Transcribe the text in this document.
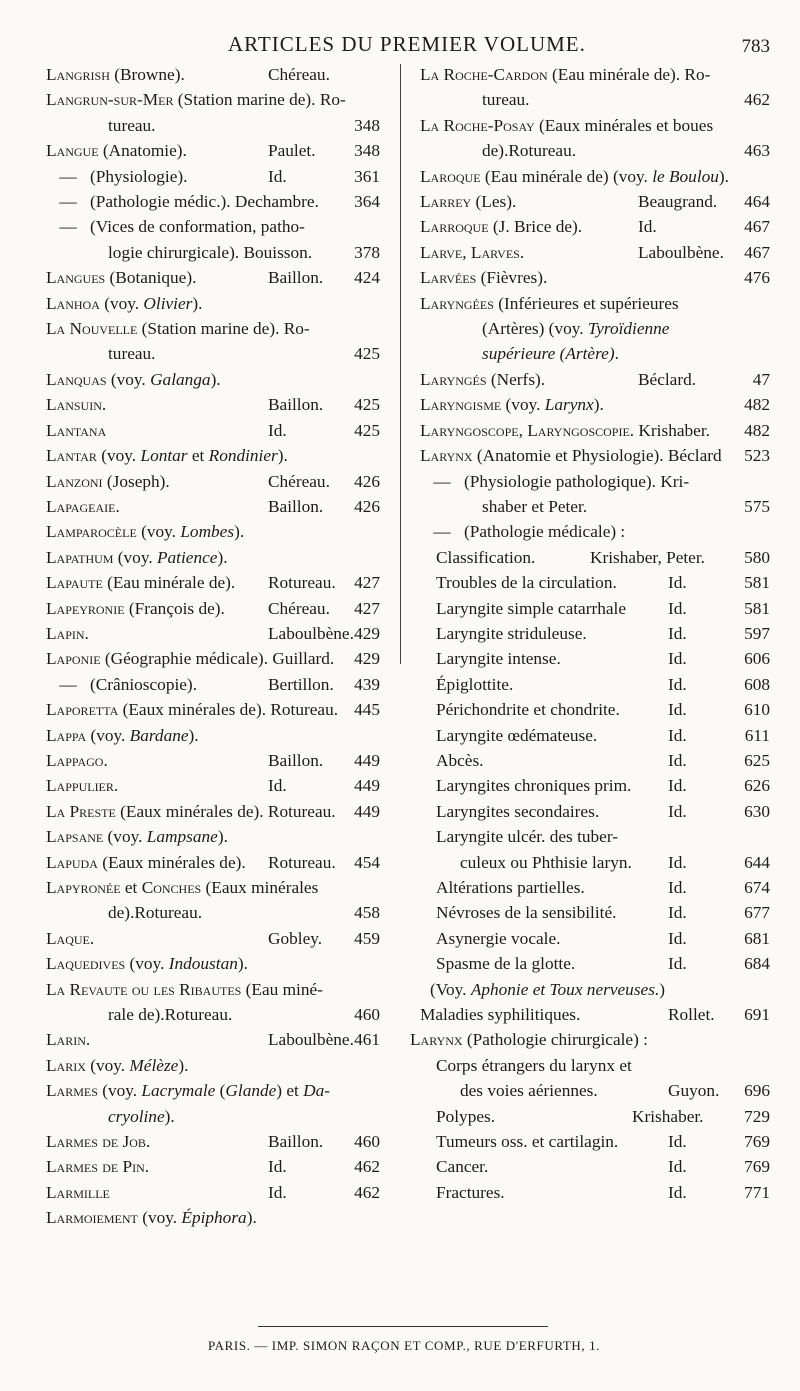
ARTICLES DU PREMIER VOLUME.	783
Langrish (Browne).	Chéreau.
Langrun-sur-Mer (Station marine de). Ro-
tureau.	348
Langue (Anatomie).	Paulet. 348
— (Physiologie).	Id.	361
— (Pathologie médic.). Dechambre. 364
— (Vices de conformation, patho-
logie chirurgicale). Bouisson. 378
Langues (Botanique).	Baillon. 424
Lanhoa (voy. Olivier).
La Nouvelle (Station marine de). Ro-
tureau.	425
Lanquas (voy. Galanga).
Lansuin.	Baillon. 425
Lantana	Id.	425
Lantar (voy. Lontar et Rondinier).
Lanzoni (Joseph).	Chéreau. 426
Lapageaie.	Baillon. 426
Lamparocèle (voy. Lombes).
Lapathum (voy. Patience).
Lapaute (Eau minérale de). Rotureau. 427
Lapeyronie (François de). Chéreau. 427
Lapin.	Laboulbène. 429
Laponie (Géographie médicale). Guillard. 429
— (Crânioscopie).	Bertillon. 439
Laporetta (Eaux minérales de). Rotureau. 445
Lappa (voy. Bardane).
Lappago.	Baillon. 449
Lappulier.	Id.	449
La Preste (Eaux minérales de). Rotureau. 449
Lapsane (voy. Lampsane).
Lapuda (Eaux minérales de). Rotureau. 454
Lapyronée et Conches (Eaux minérales
de).Rotureau.	458
Laque.	Gobley. 459
Laquedives (voy. Indoustan).
La Revaute ou les Ribautes (Eau miné-
rale de).Rotureau.	460
Larin.	Laboulbène. 461
Larix (voy. Mélèze).
Larmes (voy. Lacrymale (Glande) et Da-
cryoline).
Larmes de Job.	Baillon. 460
Larmes de Pin.	Id.	462
Larmille	Id.	462
Larmoiement (voy. Épiphora).
La Roche-Cardon (Eau minérale de). Ro-
tureau.	462
La Roche-Posay (Eaux minérales et boues
de).Rotureau.	463
Laroque (Eau minérale de) (voy. le Boulou).
Larrey (Les).	Beaugrand. 464
Larroque (J. Brice de).	Id.	467
Larve, Larves.	Laboulbène. 467
Larvées (Fièvres).	476
Laryngées (Inférieures et supérieures
(Artères) (voy. Tyroïdienne
supérieure (Artère).
Laryngés (Nerfs).	Béclard.	47
Laryngisme (voy. Larynx).	482
Laryngoscope, Laryngoscopie. Krishaber. 482
Larynx (Anatomie et Physiologie). Béclard 523
— (Physiologie pathologique). Kri-
shaber et Peter.	575
— (Pathologie médicale) :
Classification.	Krishaber, Peter. 580
Troubles de la circulation.	Id.	581
Laryngite simple catarrhale Id.	581
Laryngite striduleuse.	Id.	597
Laryngite intense.	Id.	606
Épiglottite.	Id.	608
Périchondrite et chondrite.	Id.	610
Laryngite œdémateuse.	Id.	611
Abcès.	Id.	625
Laryngites chroniques prim. Id.	626
Laryngites secondaires.	Id.	630
Laryngite ulcér. des tuber-
culeux ou Phthisie laryn. Id.	644
Altérations partielles.	Id.	674
Névroses de la sensibilité.	Id.	677
Asynergie vocale.	Id.	681
Spasme de la glotte.	Id.	684
(Voy. Aphonie et Toux nerveuses.)
Maladies syphilitiques.	Rollet. 691
Larynx (Pathologie chirurgicale) :
Corps étrangers du larynx et
des voies aériennes.	Guyon. 696
Polypes.	Krishaber. 729
Tumeurs oss. et cartilagin.	Id.	769
Cancer.	Id.	769
Fractures.	Id.	771
PARIS. — IMP. SIMON RAÇON ET COMP., RUE D'ERFURTH, 1.
